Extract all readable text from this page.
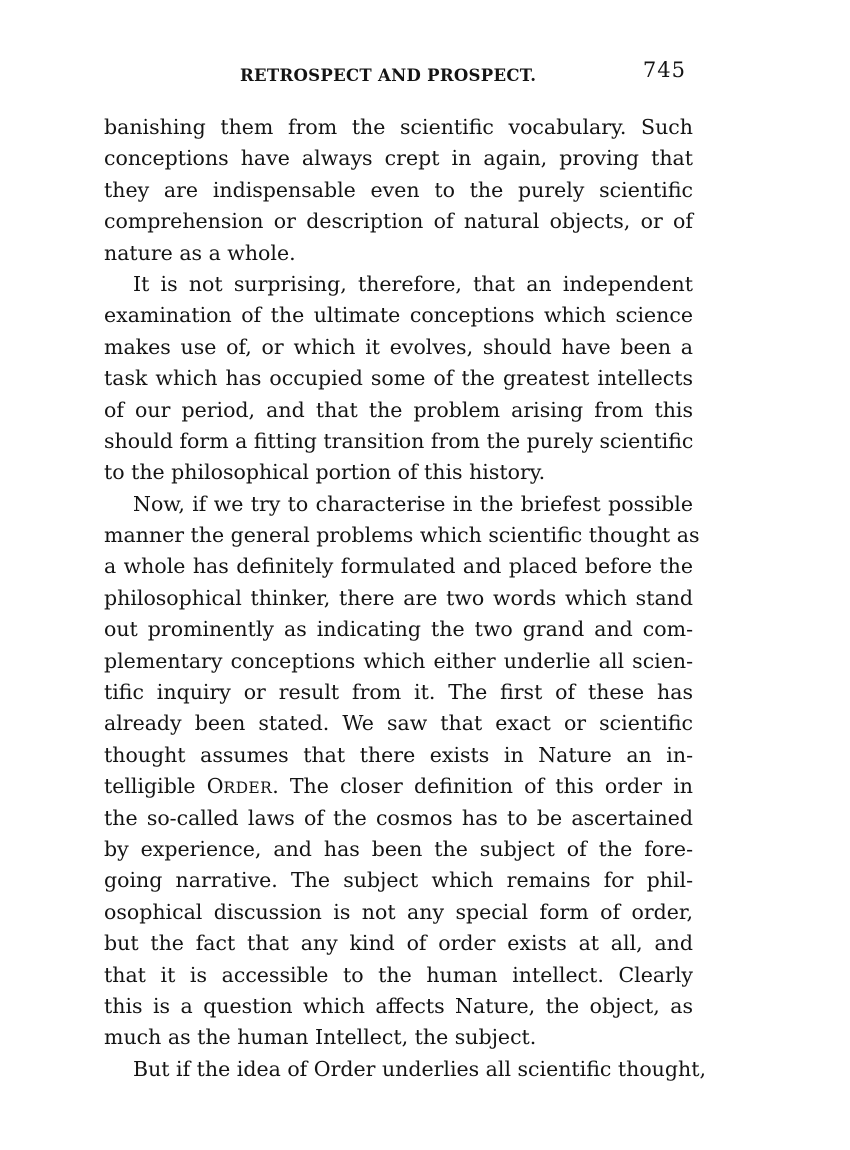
RETROSPECT AND PROSPECT.	745
banishing them from the scientific vocabulary. Such
conceptions have always crept in again, proving that
they are indispensable even to the purely scientific
comprehension or description of natural objects, or of
nature as a whole.
It is not surprising, therefore, that an independent
examination of the ultimate conceptions which science
makes use of, or which it evolves, should have been a
task which has occupied some of the greatest intellects
of our period, and that the problem arising from this
should form a fitting transition from the purely scientific
to the philosophical portion of this history.
Now, if we try to characterise in the briefest possible
manner the general problems which scientific thought as
a whole has definitely formulated and placed before the
philosophical thinker, there are two words which stand
out prominently as indicating the two grand and com-
plementary conceptions which either underlie all scien-
tific inquiry or result from it. The first of these has
already been stated. We saw that exact or scientific
thought assumes that there exists in Nature an in-
telligible ORDER. The closer definition of this order in
the so-called laws of the cosmos has to be ascertained
by experience, and has been the subject of the fore-
going narrative. The subject which remains for phil-
osophical discussion is not any special form of order,
but the fact that any kind of order exists at all, and
that it is accessible to the human intellect. Clearly
this is a question which affects Nature, the object, as
much as the human Intellect, the subject.
But if the idea of Order underlies all scientific thought,
